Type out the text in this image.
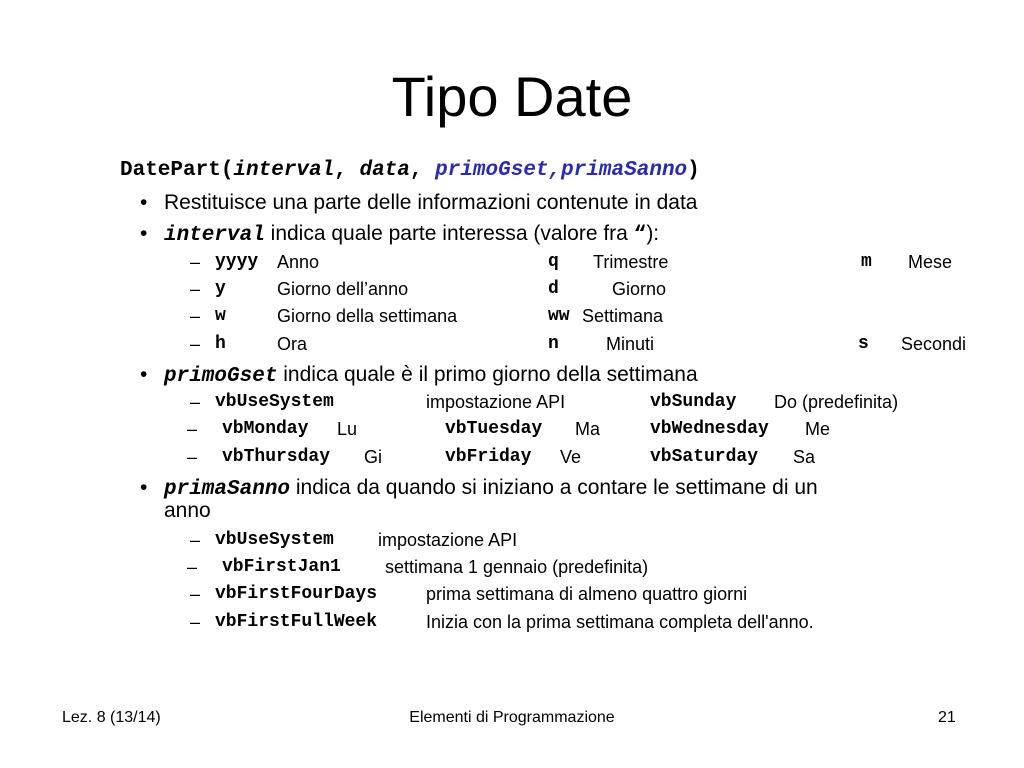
Tipo Date
DatePart(interval, data, primoGset,primaSanno)
• Restituisce una parte delle informazioni contenute in data
• interval indica quale parte interessa (valore fra “):
– yyyy Anno	q Trimestre	m Mese
– y	Giorno dell’anno	d	Giorno
– w	Giorno della settimana	ww Settimana
– h	Ora	n	Minuti	s Secondi
• primoGset indica quale è il primo giorno della settimana
– vbUseSystem	impostazione API	vbSunday Do (predefinita)
– vbMonday Lu	vbTuesday Ma	vbWednesday Me
– vbThursday Gi	vbFriday Ve	vbSaturday Sa
• primaSanno indica da quando si iniziano a contare le settimane di un
anno
– vbUseSystem impostazione API
– vbFirstJan1 settimana 1 gennaio (predefinita)
– vbFirstFourDays	prima settimana di almeno quattro giorni
– vbFirstFullWeek	Inizia con la prima settimana completa dell'anno.
Lez. 8 (13/14)	Elementi di Programmazione	21
